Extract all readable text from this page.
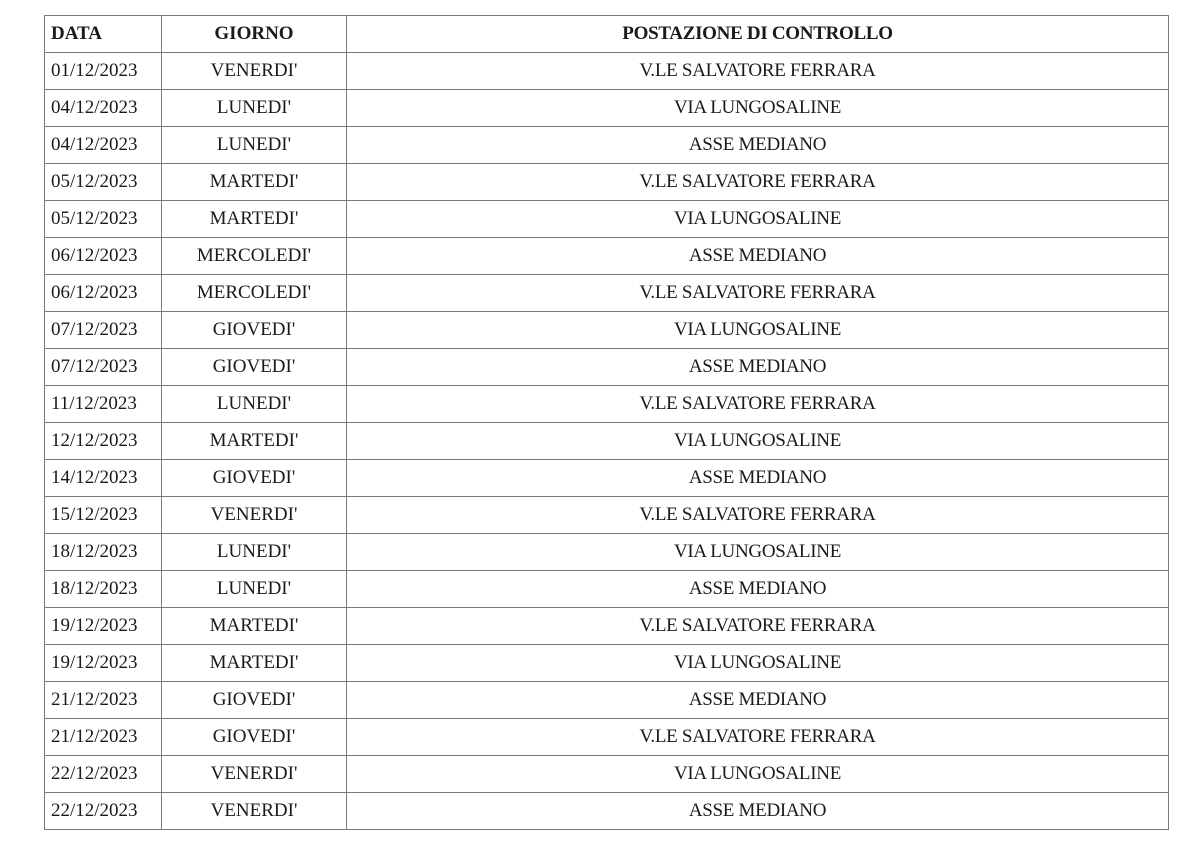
DATA	GIORNO	POSTAZIONE DI CONTROLLO
01/12/2023	VENERDI'	V.LE SALVATORE FERRARA
04/12/2023	LUNEDI'	VIA LUNGOSALINE
04/12/2023	LUNEDI'	ASSE MEDIANO
05/12/2023	MARTEDI'	V.LE SALVATORE FERRARA
05/12/2023	MARTEDI'	VIA LUNGOSALINE
06/12/2023	MERCOLEDI'	ASSE MEDIANO
06/12/2023	MERCOLEDI'	V.LE SALVATORE FERRARA
07/12/2023	GIOVEDI'	VIA LUNGOSALINE
07/12/2023	GIOVEDI'	ASSE MEDIANO
11/12/2023	LUNEDI'	V.LE SALVATORE FERRARA
12/12/2023	MARTEDI'	VIA LUNGOSALINE
14/12/2023	GIOVEDI'	ASSE MEDIANO
15/12/2023	VENERDI'	V.LE SALVATORE FERRARA
18/12/2023	LUNEDI'	VIA LUNGOSALINE
18/12/2023	LUNEDI'	ASSE MEDIANO
19/12/2023	MARTEDI'	V.LE SALVATORE FERRARA
19/12/2023	MARTEDI'	VIA LUNGOSALINE
21/12/2023	GIOVEDI'	ASSE MEDIANO
21/12/2023	GIOVEDI'	V.LE SALVATORE FERRARA
22/12/2023	VENERDI'	VIA LUNGOSALINE
22/12/2023	VENERDI'	ASSE MEDIANO
